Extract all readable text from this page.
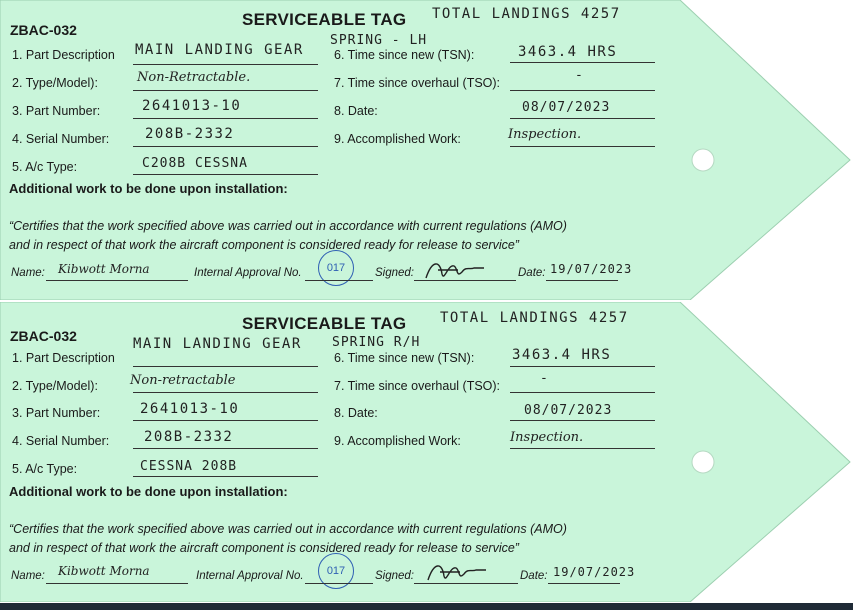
ZBAC-032
SERVICEABLE TAG TOTAL LANDINGS 4257
1. Part Description MAIN LANDING GEAR
SPRING - LH
2. Type/Model):	Non-Retractable.
3. Part Number:	2641013-10
4. Serial Number:	208B-2332
5. A/c Type:	C208B CESSNA
6. Time since new (TSN):	3463.4 HRS
7. Time since overhaul (TSO):	-
8. Date:	08/07/2023
9. Accomplished Work:	Inspection.
Additional work to be done upon installation:
“Certifies that the work specified above was carried out in accordance with current regulations (AMO)
and in respect of that work the aircraft component is considered ready for release to service”
Name: Kibwott Morna	Internal Approval No.	017	Signed:	Date: 19/07/2023
ZBAC-032
SERVICEABLE TAG TOTAL LANDINGS 4257
1. Part Description
MAIN LANDING GEAR SPRING R/H
2. Type/Model): Non-retractable
3. Part Number:	2641013-10
4. Serial Number: 208B-2332
5. A/c Type:	CESSNA 208B
6. Time since new (TSN):	3463.4 HRS
7. Time since overhaul (TSO):	-
8. Date:	08/07/2023
9. Accomplished Work:	Inspection.
Additional work to be done upon installation:
“Certifies that the work specified above was carried out in accordance with current regulations (AMO)
and in respect of that work the aircraft component is considered ready for release to service”
Name: Kibwott Morna	Internal Approval No.	017	Signed:	Date: 19/07/2023
